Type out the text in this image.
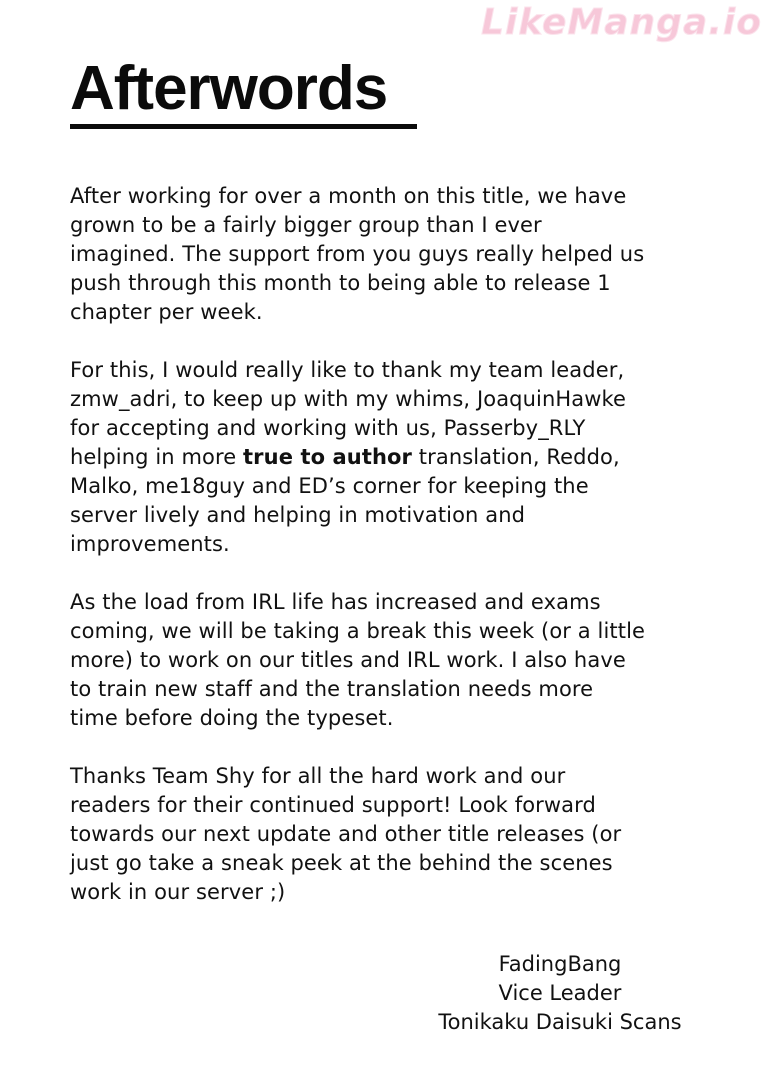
LikeManga.io
Afterwords

After working for over a month on this title, we have
grown to be a fairly bigger group than I ever
imagined. The support from you guys really helped us
push through this month to being able to release 1
chapter per week.

For this, I would really like to thank my team leader,
zmw_adri, to keep up with my whims, JoaquinHawke
for accepting and working with us, Passerby_RLY
helping in more true to author translation, Reddo,
Malko, me18guy and ED’s corner for keeping the
server lively and helping in motivation and
improvements.

As the load from IRL life has increased and exams
coming, we will be taking a break this week (or a little
more) to work on our titles and IRL work. I also have
to train new staff and the translation needs more
time before doing the typeset.

Thanks Team Shy for all the hard work and our
readers for their continued support! Look forward
towards our next update and other title releases (or
just go take a sneak peek at the behind the scenes
work in our server ;)

FadingBang
Vice Leader
Tonikaku Daisuki Scans
